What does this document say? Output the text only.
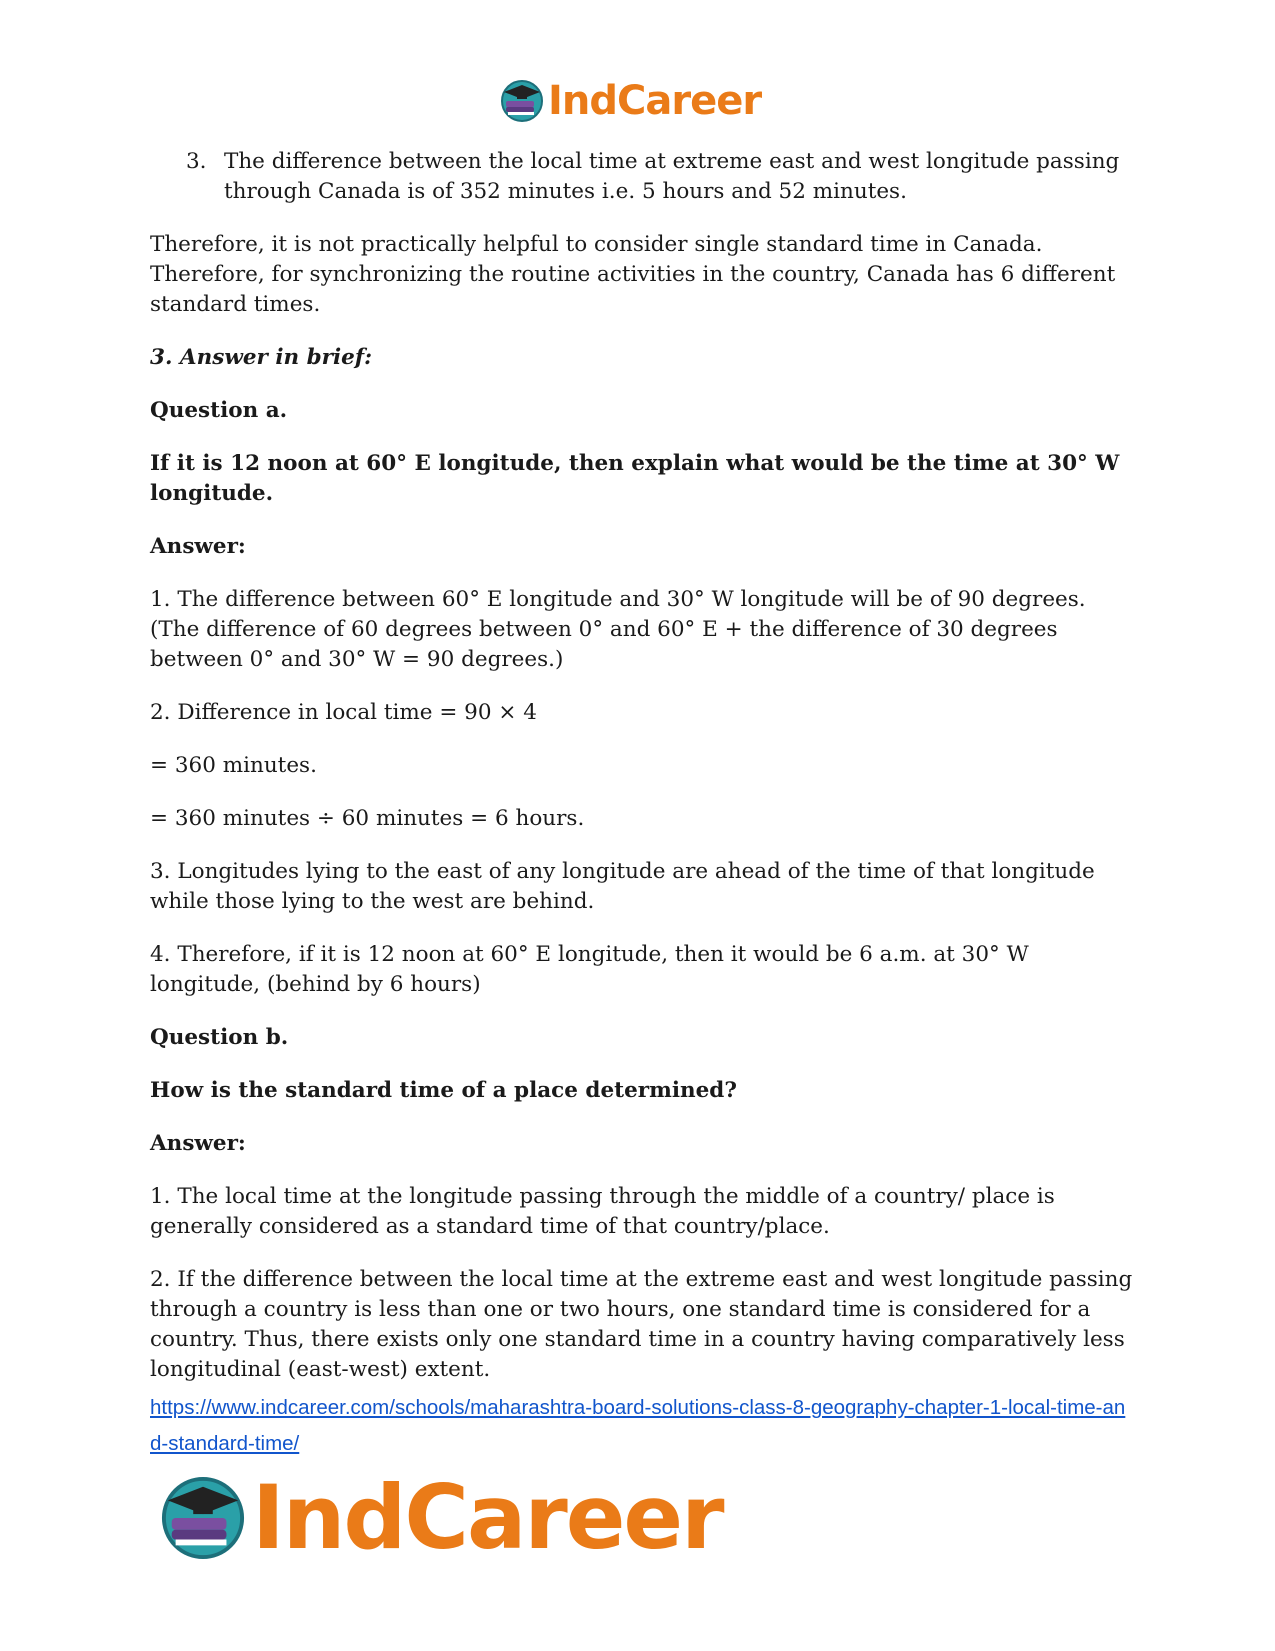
IndCareer
3. The difference between the local time at extreme east and west longitude passing through Canada is of 352 minutes i.e. 5 hours and 52 minutes.

Therefore, it is not practically helpful to consider single standard time in Canada. Therefore, for synchronizing the routine activities in the country, Canada has 6 different standard times.

3. Answer in brief:

Question a.

If it is 12 noon at 60° E longitude, then explain what would be the time at 30° W longitude.

Answer:

1. The difference between 60° E longitude and 30° W longitude will be of 90 degrees. (The difference of 60 degrees between 0° and 60° E + the difference of 30 degrees between 0° and 30° W = 90 degrees.)

2. Difference in local time = 90 × 4

= 360 minutes.

= 360 minutes ÷ 60 minutes = 6 hours.

3. Longitudes lying to the east of any longitude are ahead of the time of that longitude while those lying to the west are behind.

4. Therefore, if it is 12 noon at 60° E longitude, then it would be 6 a.m. at 30° W longitude, (behind by 6 hours)

Question b.

How is the standard time of a place determined?

Answer:

1. The local time at the longitude passing through the middle of a country/ place is generally considered as a standard time of that country/place.

2. If the difference between the local time at the extreme east and west longitude passing through a country is less than one or two hours, one standard time is considered for a country. Thus, there exists only one standard time in a country having comparatively less longitudinal (east-west) extent.

https://www.indcareer.com/schools/maharashtra-board-solutions-class-8-geography-chapter-1-local-time-and-standard-time/
IndCareer
